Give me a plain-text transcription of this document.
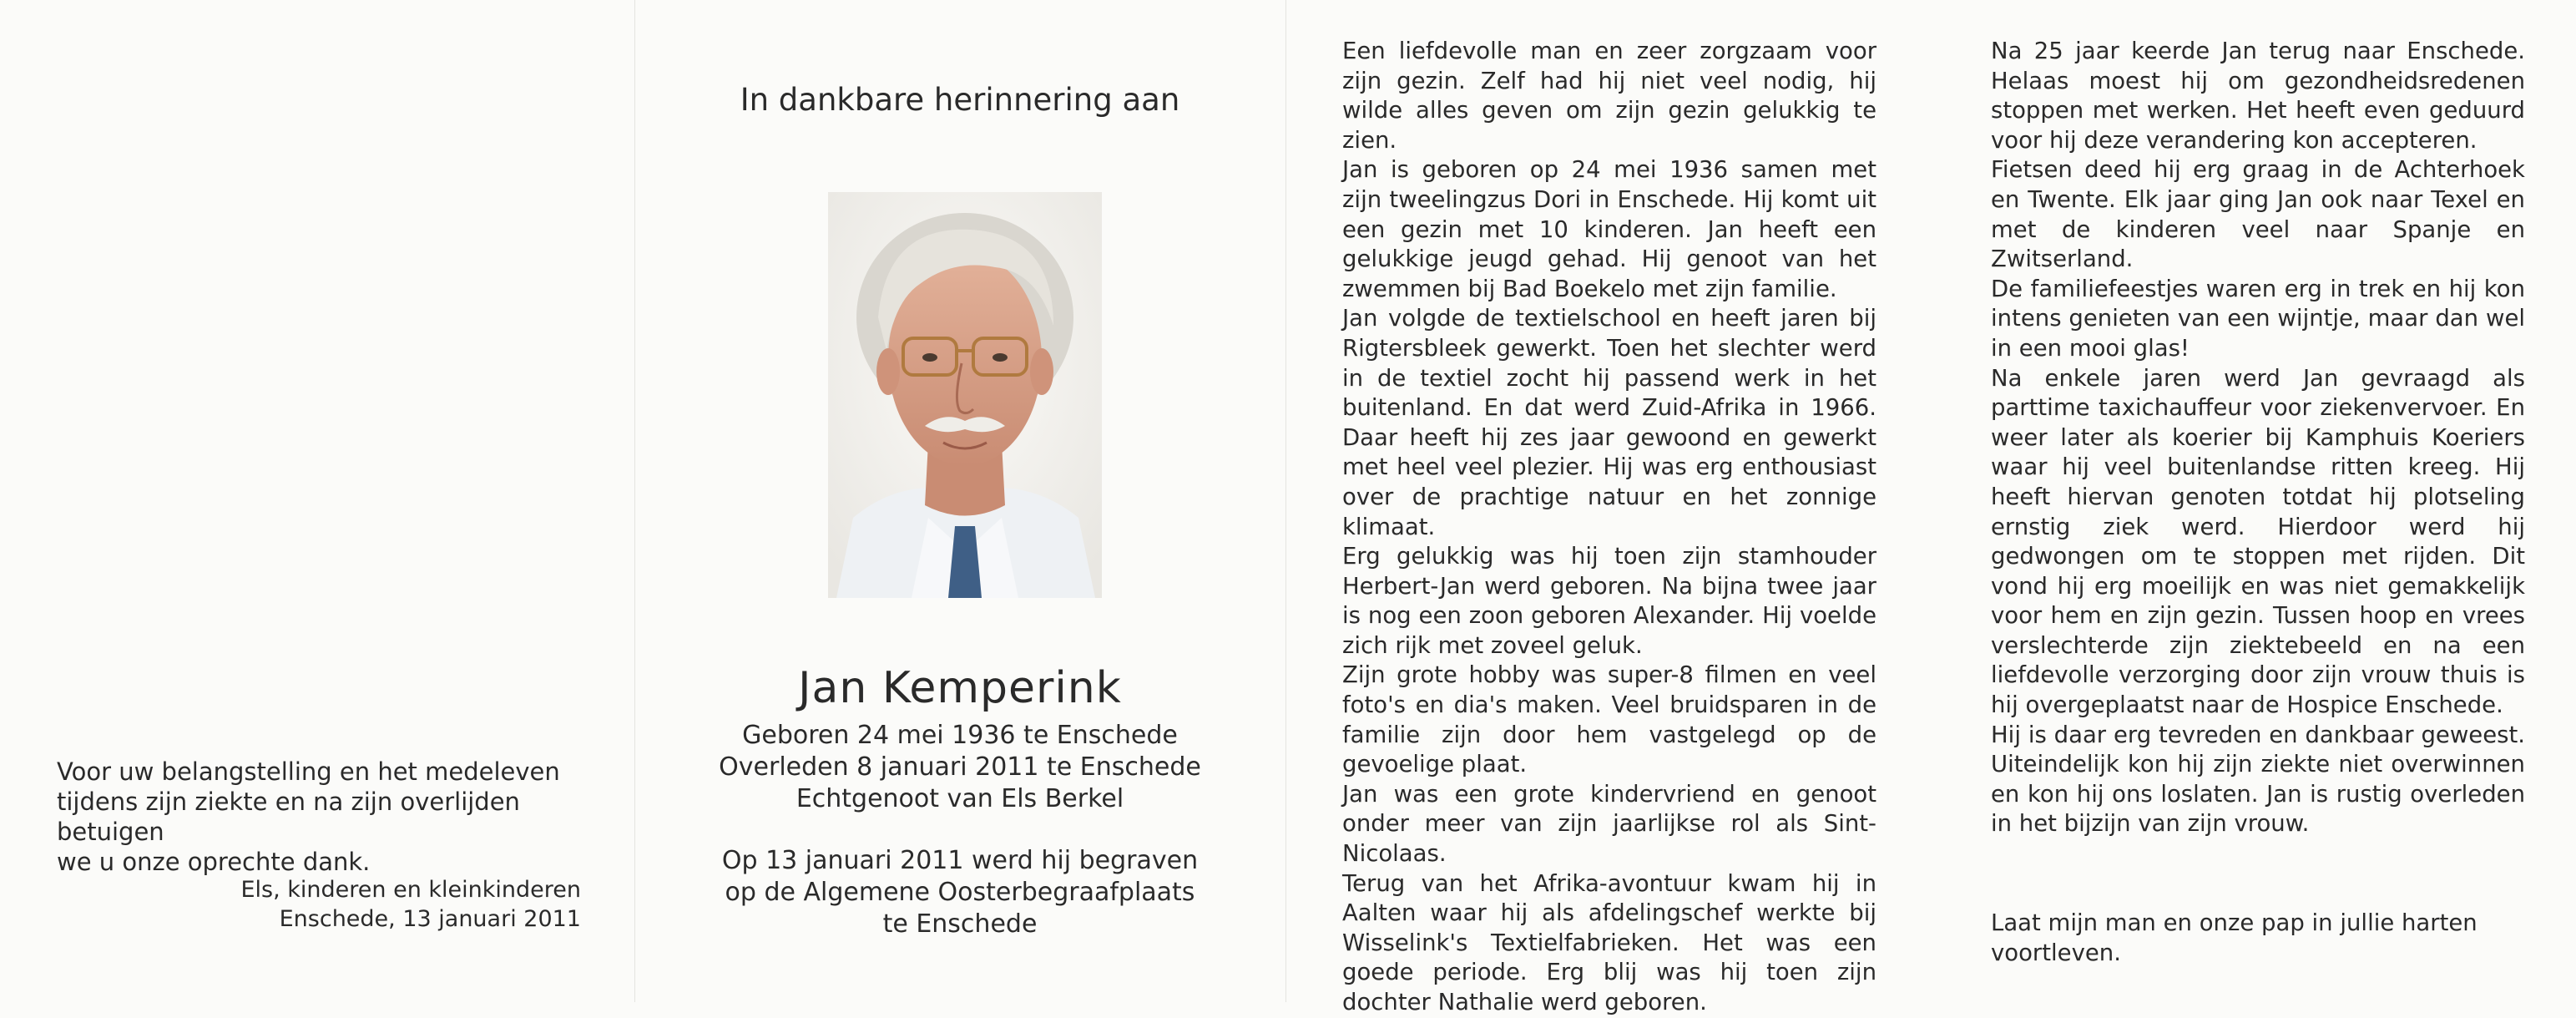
Voor uw belangstelling en het medeleven
tijdens zijn ziekte en na zijn overlijden betuigen
we u onze oprechte dank.
Els, kinderen en kleinkinderen
Enschede, 13 januari 2011
In dankbare herinnering aan
Jan Kemperink
Geboren 24 mei 1936 te Enschede
Overleden 8 januari 2011 te Enschede
Echtgenoot van Els Berkel
Op 13 januari 2011 werd hij begraven
op de Algemene Oosterbegraafplaats
te Enschede

Een liefdevolle man en zeer zorgzaam voor zijn gezin. Zelf had hij niet veel nodig, hij wilde alles geven om zijn gezin gelukkig te zien.

Jan is geboren op 24 mei 1936 samen met zijn tweelingzus Dori in Enschede. Hij komt uit een gezin met 10 kinderen. Jan heeft een gelukkige jeugd gehad. Hij genoot van het zwemmen bij Bad Boekelo met zijn familie.

Jan volgde de textielschool en heeft jaren bij Rigtersbleek gewerkt. Toen het slechter werd in de textiel zocht hij passend werk in het buitenland. En dat werd Zuid-Afrika in 1966. Daar heeft hij zes jaar gewoond en gewerkt met heel veel plezier. Hij was erg enthousiast over de prachtige natuur en het zonnige klimaat.

Erg gelukkig was hij toen zijn stamhouder Herbert-Jan werd geboren. Na bijna twee jaar is nog een zoon geboren Alexander. Hij voelde zich rijk met zoveel geluk.

Zijn grote hobby was super-8 filmen en veel foto's en dia's maken. Veel bruidsparen in de familie zijn door hem vastgelegd op de gevoelige plaat.

Jan was een grote kindervriend en genoot onder meer van zijn jaarlijkse rol als Sint-Nicolaas.

Terug van het Afrika-avontuur kwam hij in Aalten waar hij als afdelingschef werkte bij Wisselink's Textielfabrieken. Het was een goede periode. Erg blij was hij toen zijn dochter Nathalie werd geboren.

Na 25 jaar keerde Jan terug naar Enschede. Helaas moest hij om gezondheidsredenen stoppen met werken. Het heeft even geduurd voor hij deze verandering kon accepteren.

Fietsen deed hij erg graag in de Achterhoek en Twente. Elk jaar ging Jan ook naar Texel en met de kinderen veel naar Spanje en Zwitserland.

De familiefeestjes waren erg in trek en hij kon intens genieten van een wijntje, maar dan wel in een mooi glas!

Na enkele jaren werd Jan gevraagd als parttime taxichauffeur voor ziekenvervoer. En weer later als koerier bij Kamphuis Koeriers waar hij veel buitenlandse ritten kreeg. Hij heeft hiervan genoten totdat hij plotseling ernstig ziek werd. Hierdoor werd hij gedwongen om te stoppen met rijden. Dit vond hij erg moeilijk en was niet gemakkelijk voor hem en zijn gezin. Tussen hoop en vrees verslechterde zijn ziektebeeld en na een liefdevolle verzorging door zijn vrouw thuis is hij overgeplaatst naar de Hospice Enschede.

Hij is daar erg tevreden en dankbaar geweest. Uiteindelijk kon hij zijn ziekte niet overwinnen en kon hij ons loslaten. Jan is rustig overleden in het bijzijn van zijn vrouw.

Laat mijn man en onze pap in jullie harten voortleven.
